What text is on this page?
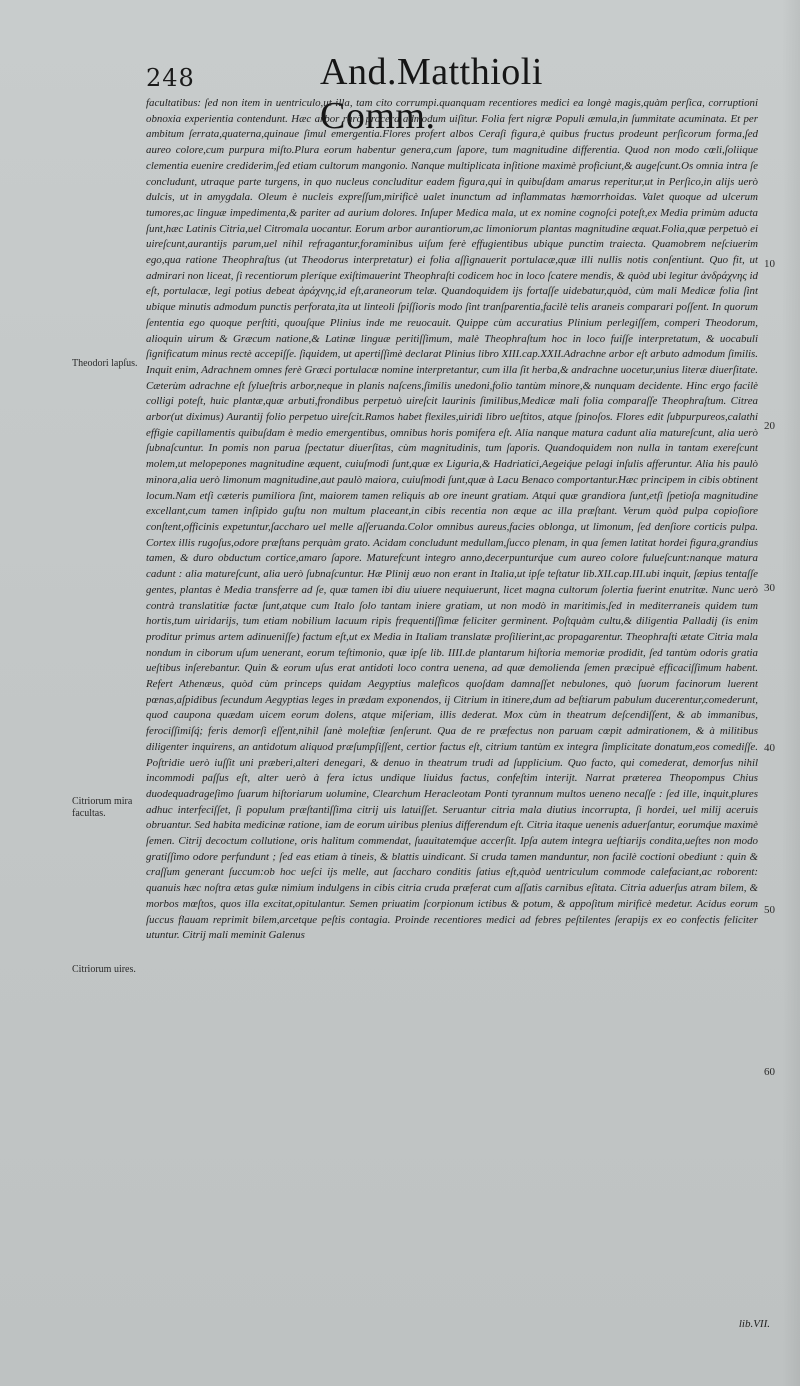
248	And.Matthioli Comm.
Theodori lapſus.
Citriorum mira facultas.
Citriorum uires.

facultatibus: ſed non item in uentriculo,ut illa, tam cito corrumpi.quanquam recentiores medici ea longè magis,quàm perſica, corruptioni obnoxia experientia contendunt. Hæc arbor rarò procera admodum uiſitur. Folia fert nigræ Populi æmula,in ſummitate acuminata. Et per ambitum ſerrata,quaterna,quinaue ſimul emergentia.Flores profert albos Ceraſi figura,è quibus fructus prodeunt perſicorum forma,ſed aureo colore,cum purpura miſto.Plura eorum habentur genera,cum ſapore, tum magnitudine differentia. Quod non modo cœli,ſoliique clementia euenire crediderim,ſed etiam cultorum mangonio. Nanque multiplicata inſitione maximè proficiunt,& augeſcunt.Os omnia intra ſe concludunt, utraque parte turgens, in quo nucleus concluditur eadem figura,qui in quibuſdam amarus reperitur,ut in Perſico,in alijs uerò dulcis, ut in amygdala. Oleum è nucleis expreſſum,mirificè ualet inunctum ad inflammatas hæmorrhoidas. Valet quoque ad ulcerum tumores,ac linguæ impedimenta,& pariter ad aurium dolores. Inſuper Medica mala, ut ex nomine cognoſci poteſt,ex Media primùm aducta ſunt,hæc Latinis Citria,uel Citromala uocantur. Eorum arbor aurantiorum,ac limoniorum plantas magnitudine æquat.Folia,quæ perpetuò ei uireſcunt,aurantijs parum,uel nihil refragantur,foraminibus uiſum ferè effugientibus ubique punctim traiecta. Quamobrem neſciuerim ego,qua ratione Theophraſtus (ut Theodorus interpretatur) ei folia aſſignauerit portulacæ,quæ illi nullis notis conſentiunt. Quo fit, ut admirari non liceat, ſi recentiorum pleríque exiſtimauerint Theophraſti codicem hoc in loco ſcatere mendis, & quòd ubi legitur ἀνδράχνης id eſt, portulacæ, legi potius debeat ἀράχνης,id eſt,araneorum telæ. Quandoquidem ijs fortaſſe uidebatur,quòd, cùm mali Medicæ folia ſint ubique minutis admodum punctis perforata,ita ut linteoli ſpiſſioris modo ſint tranſparentia,facilè telis araneis comparari poſſent. In quorum ſententia ego quoque perſtiti, quouſque Plinius inde me reuocauit. Quippe cùm accuratius Plinium perlegiſſem, comperi Theodorum, alioquin uirum & Græcum natione,& Latinæ linguæ peritiſſimum, malè Theophraſtum hoc in loco fuiſſe interpretatum, & uocabuli ſignificatum minus rectè accepiſſe. ſiquidem, ut apertiſſimè declarat Plinius libro XIII.cap.XXII.Adrachne arbor eſt arbuto admodum ſimilis. Inquit enim, Adrachnem omnes ferè Græci portulacæ nomine interpretantur, cum illa ſit herba,& andrachne uocetur,unius literæ diuerſitate. Cæterùm adrachne eſt ſylueſtris arbor,neque in planis naſcens,ſimilis unedoni,folio tantùm minore,& nunquam decidente. Hinc ergo facilè colligi poteſt, huic plantæ,quæ arbuti,frondibus perpetuò uireſcit laurinis ſimilibus,Medicæ mali folia comparaſſe Theophraſtum. Citrea arbor(ut diximus) Aurantij folio perpetuo uireſcit.Ramos habet flexiles,uiridi libro ueſtitos, atque ſpinoſos. Flores edit ſubpurpureos,calathi effigie capillamentis quibuſdam è medio emergentibus, omnibus horis pomifera eſt. Alia nanque matura cadunt alia matureſcunt, alia uerò ſubnaſcuntur. In pomis non parua ſpectatur diuerſitas, cùm magnitudinis, tum ſaporis. Quandoquidem non nulla in tantam exereſcunt molem,ut melopepones magnitudine æquent, cuiuſmodi ſunt,quæ ex Liguria,& Hadriatici,Aegeiq́ue pelagi inſulis afferuntur. Alia his paulò minora,alia uerò limonum magnitudine,aut paulò maiora, cuiuſmodi ſunt,quæ à Lacu Benaco comportantur.Hæc principem in cibis obtinent locum.Nam etſi cæteris pumiliora ſint, maiorem tamen reliquis ab ore ineunt gratiam. Atqui quæ grandiora ſunt,etſi ſpetioſa magnitudine excellant,cum tamen inſipido guſtu non multum placeant,in cibis recentia non æque ac illa præſtant. Verum quòd pulpa copioſiore conſtent,officinis expetuntur,ſaccharo uel melle aſſeruanda.Color omnibus aureus,facies oblonga, ut limonum, ſed denſiore corticis pulpa. Cortex illis rugoſus,odore præſtans perquàm grato. Acidam concludunt medullam,ſucco plenam, in qua ſemen latitat hordei figura,grandius tamen, & duro obductum cortice,amaro ſapore. Maturefcunt integro anno,decerpunturq́ue cum aureo colore fulueſcunt:nanque matura cadunt : alia matureſcunt, alia uerò ſubnaſcuntur. Hæ Plinij æuo non erant in Italia,ut ipſe teſtatur lib.XII.cap.III.ubi inquit, ſæpius tentaſſe gentes, plantas è Media transferre ad ſe, quæ tamen ibi diu uiuere nequiuerunt, licet magna cultorum ſolertia fuerint enutritæ. Nunc uerò contrà translatitiæ factæ ſunt,atque cum Italo ſolo tantam iniere gratiam, ut non modò in maritimis,ſed in mediterraneis quidem tum hortis,tum uiridarijs, tum etiam nobilium lacuum ripis frequentiſſimæ feliciter germinent. Poſtquàm cultu,& diligentia Palladij (is enim proditur primus artem adinueniſſe) factum eſt,ut ex Media in Italiam translatæ proſilierint,ac propagarentur. Theophraſti ætate Citria mala nondum in ciborum uſum uenerant, eorum teſtimonio, quæ ipſe lib. IIII.de plantarum hiſtoria memoriæ prodidit, ſed tantùm odoris gratia ueſtibus inſerebantur. Quin & eorum uſus erat antidoti loco contra uenena, ad quæ demolienda ſemen præcipuè efficaciſſimum habent. Refert Athenæus, quòd cùm princeps quidam Aegyptius maleficos quoſdam damnaſſet nebulones, quò ſuorum facinorum luerent pœnas,aſpidibus ſecundum Aegyptias leges in prædam exponendos, ij Citrium in itinere,dum ad beſtiarum pabulum ducerentur,comederunt, quod caupona quædam uicem eorum dolens, atque miſeriam, illis dederat. Mox cùm in theatrum deſcendiſſent, & ab immanibus, ferociſſimiſq́; feris demorſi eſſent,nihil ſanè moleſtiæ ſenſerunt. Qua de re præfectus non paruam cœpit admirationem, & à militibus diligenter inquirens, an antidotum aliquod præſumpſiſſent, certior factus eſt, citrium tantùm ex integra ſimplicitate donatum,eos comediſſe. Poſtridie uerò iuſſit uni præberi,alteri denegari, & denuo in theatrum trudi ad ſupplicium. Quo facto, qui comederat, demorſus nihil incommodi paſſus eſt, alter uerò à fera ictus undique liuidus factus, confeſtim interijt. Narrat præterea Theopompus Chius duodequadrageſimo ſuarum hiſtoriarum uolumine, Clearchum Heracleotam Ponti tyrannum multos ueneno necaſſe : ſed ille, inquit,plures adhuc interfeciſſet, ſi populum præſtantiſſima citrij uis latuiſſet. Seruantur citria mala diutius incorrupta, ſi hordei, uel milij aceruis obruantur. Sed habita medicinæ ratione, iam de eorum uiribus plenius differendum eſt. Citria itaque uenenis aduerſantur, eorumq́ue maximè ſemen. Citrij decoctum collutione, oris halitum commendat, ſuauitatemq́ue accerſit. Ipſa autem integra ueſtiarijs condita,ueſtes non modo gratiſſimo odore perfundunt ; ſed eas etiam à tineis, & blattis uindicant. Si cruda tamen manduntur, non facilè coctioni obediunt : quin & craſſum generant ſuccum:ob hoc ueſci ijs melle, aut ſaccharo conditis ſatius eſt,quòd uentriculum commode calefaciant,ac roborent: quanuis hæc noſtra ætas gulæ nimium indulgens in cibis citria cruda præferat cum aſſatis carnibus eſitata. Citria aduerſus atram bilem, & morbos mœſtos, quos illa excitat,opitulantur. Semen priuatim ſcorpionum ictibus & potum, & appoſitum mirificè medetur. Acidus eorum ſuccus flauam reprimit bilem,arcetque peſtis contagia. Proinde recentiores medici ad febres peſtilentes ſerapijs ex eo confectis feliciter utuntur. Citrij mali meminit Galenus

10
20
30
40
50
60
lib.VII.
